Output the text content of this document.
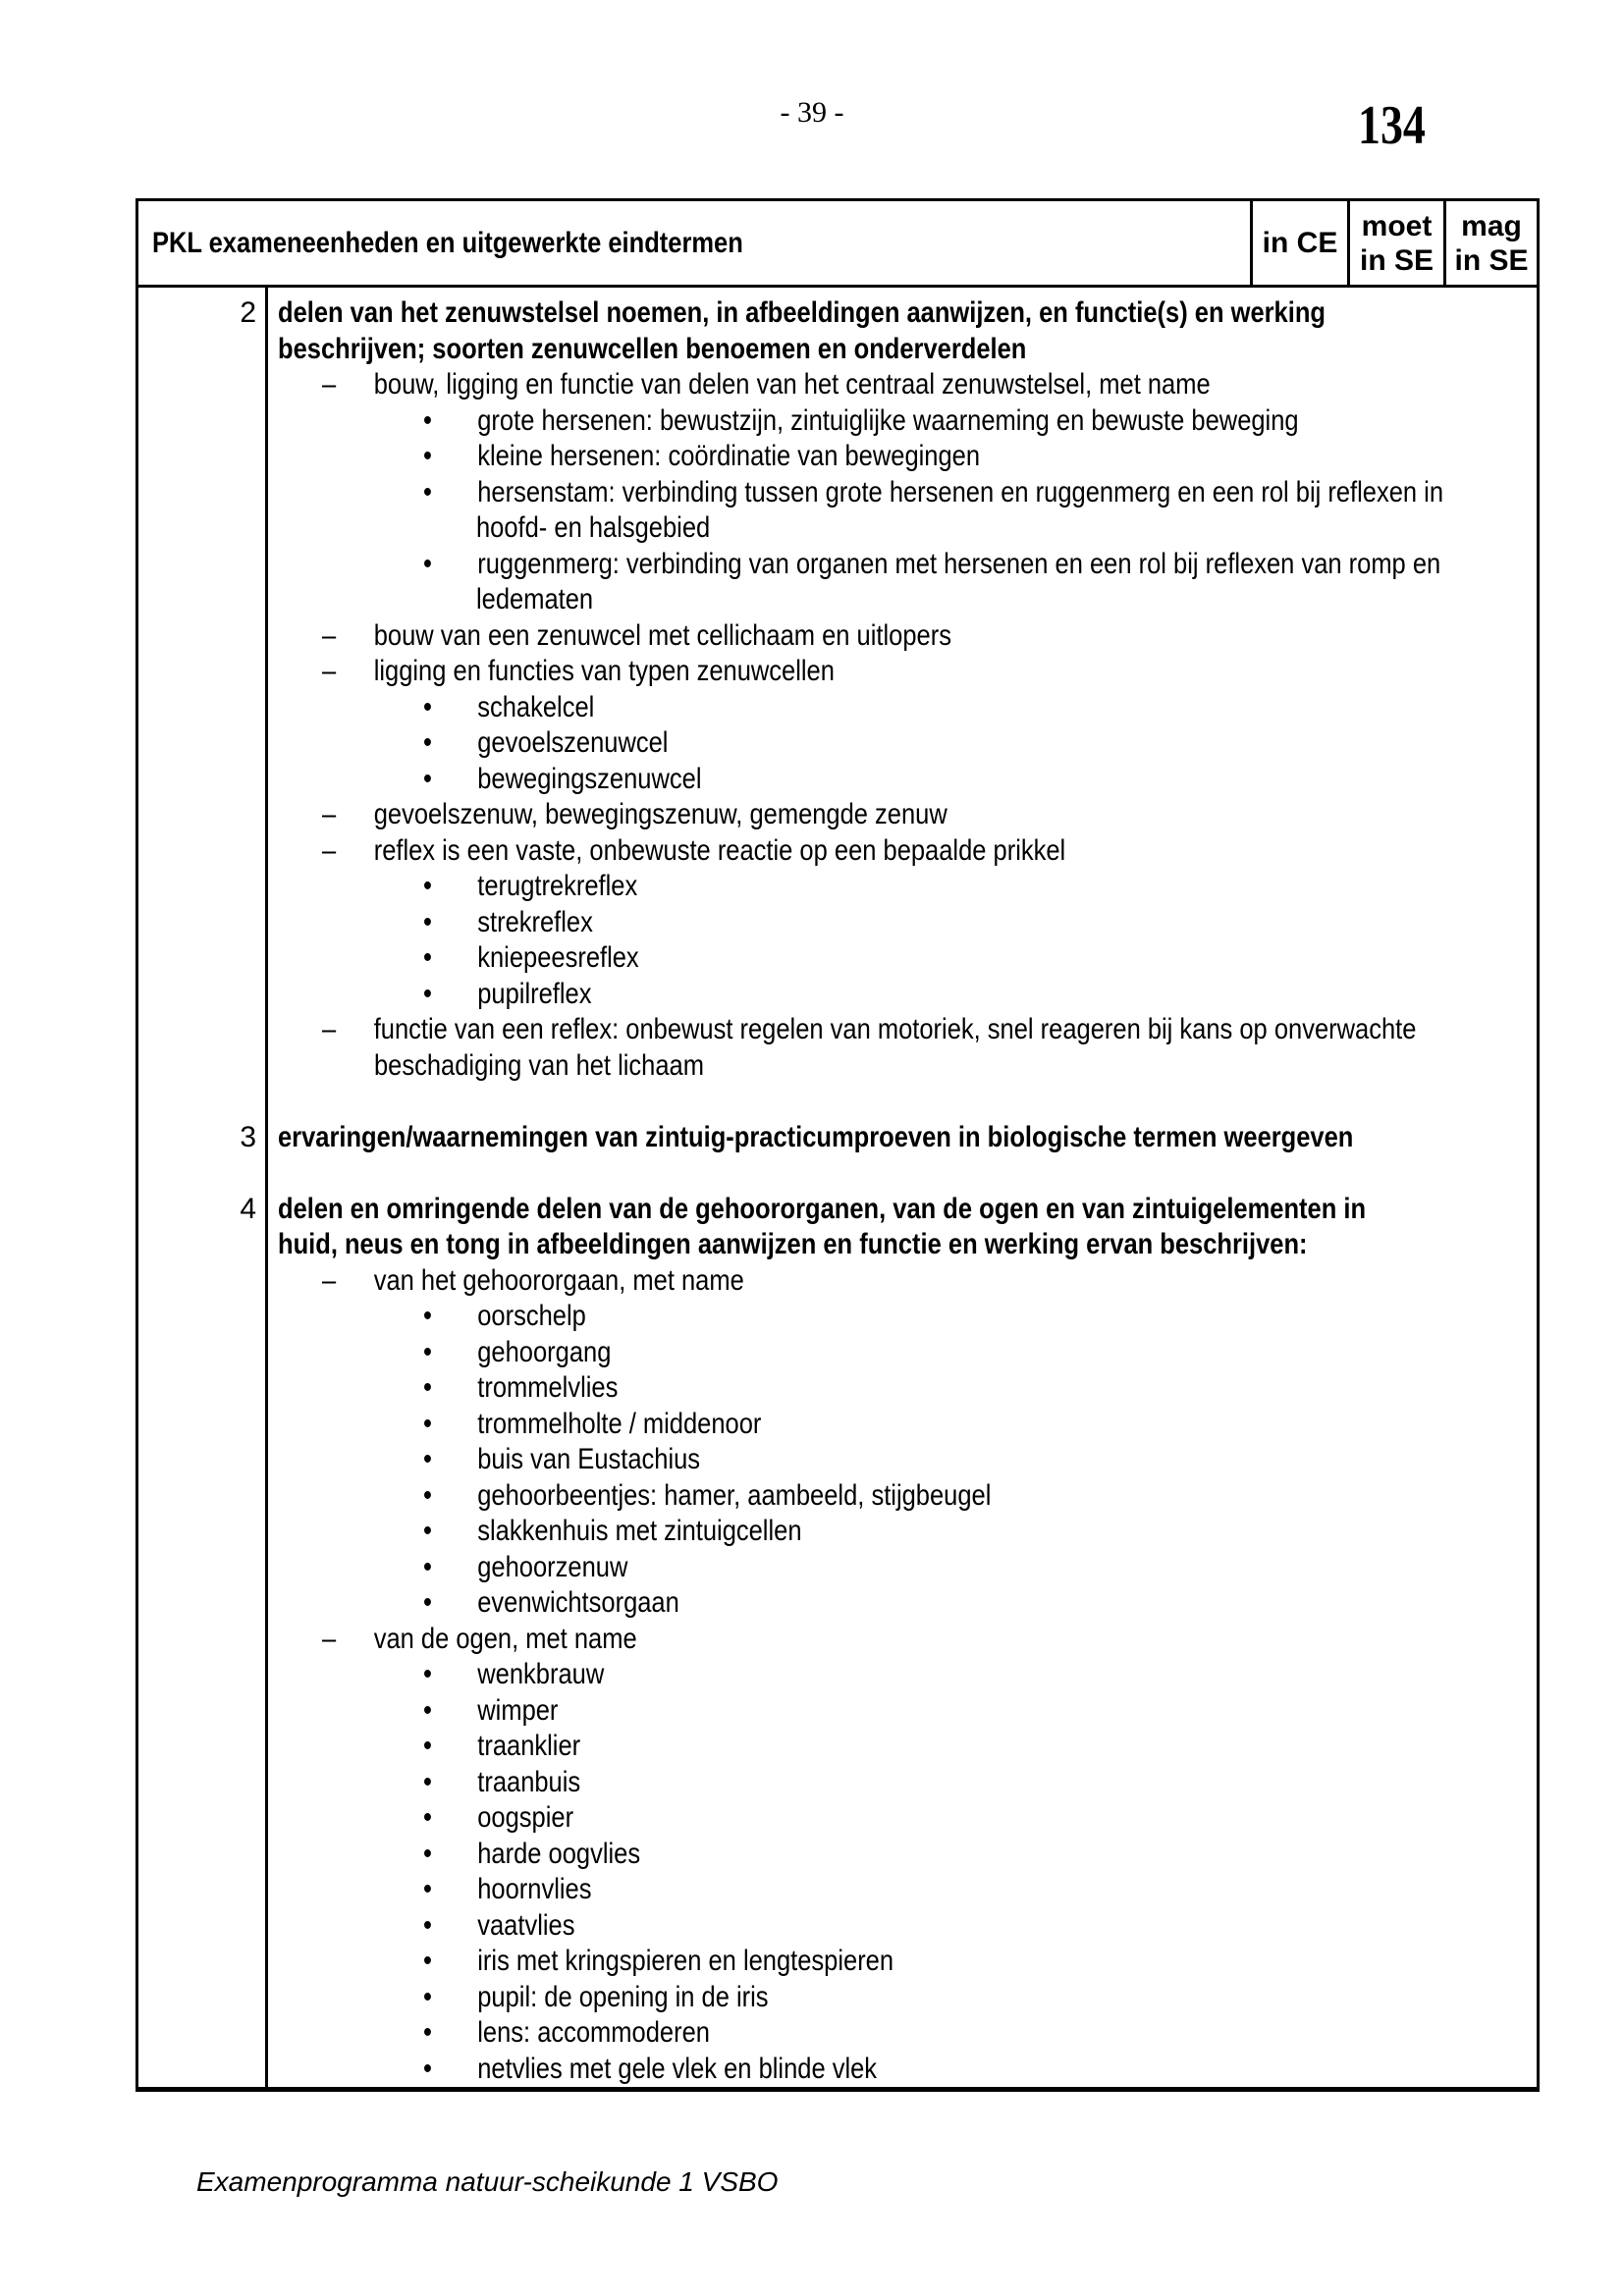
- 39 -	134
PKL exameneenheden en uitgewerkte eindtermen	in CE
moet
in SE
mag
in SE
2 delen van het zenuwstelsel noemen, in afbeeldingen aanwijzen, en functie(s) en werking
beschrijven; soorten zenuwcellen benoemen en onderverdelen
– bouw, ligging en functie van delen van het centraal zenuwstelsel, met name
• grote hersenen: bewustzijn, zintuiglijke waarneming en bewuste beweging
• kleine hersenen: coördinatie van bewegingen
• hersenstam: verbinding tussen grote hersenen en ruggenmerg en een rol bij reflexen in
hoofd- en halsgebied
• ruggenmerg: verbinding van organen met hersenen en een rol bij reflexen van romp en
ledematen
– bouw van een zenuwcel met cellichaam en uitlopers
– ligging en functies van typen zenuwcellen
• schakelcel
• gevoelszenuwcel
• bewegingszenuwcel
– gevoelszenuw, bewegingszenuw, gemengde zenuw
– reflex is een vaste, onbewuste reactie op een bepaalde prikkel
• terugtrekreflex
• strekreflex
• kniepeesreflex
• pupilreflex
– functie van een reflex: onbewust regelen van motoriek, snel reageren bij kans op onverwachte
beschadiging van het lichaam
3 ervaringen/waarnemingen van zintuig-practicumproeven in biologische termen weergeven
4 delen en omringende delen van de gehoororganen, van de ogen en van zintuigelementen in
huid, neus en tong in afbeeldingen aanwijzen en functie en werking ervan beschrijven:
– van het gehoororgaan, met name
• oorschelp
• gehoorgang
• trommelvlies
• trommelholte / middenoor
• buis van Eustachius
• gehoorbeentjes: hamer, aambeeld, stijgbeugel
• slakkenhuis met zintuigcellen
• gehoorzenuw
• evenwichtsorgaan
– van de ogen, met name
• wenkbrauw
• wimper
• traanklier
• traanbuis
• oogspier
• harde oogvlies
• hoornvlies
• vaatvlies
• iris met kringspieren en lengtespieren
• pupil: de opening in de iris
• lens: accommoderen
• netvlies met gele vlek en blinde vlek
Examenprogramma natuur-scheikunde 1 VSBO
